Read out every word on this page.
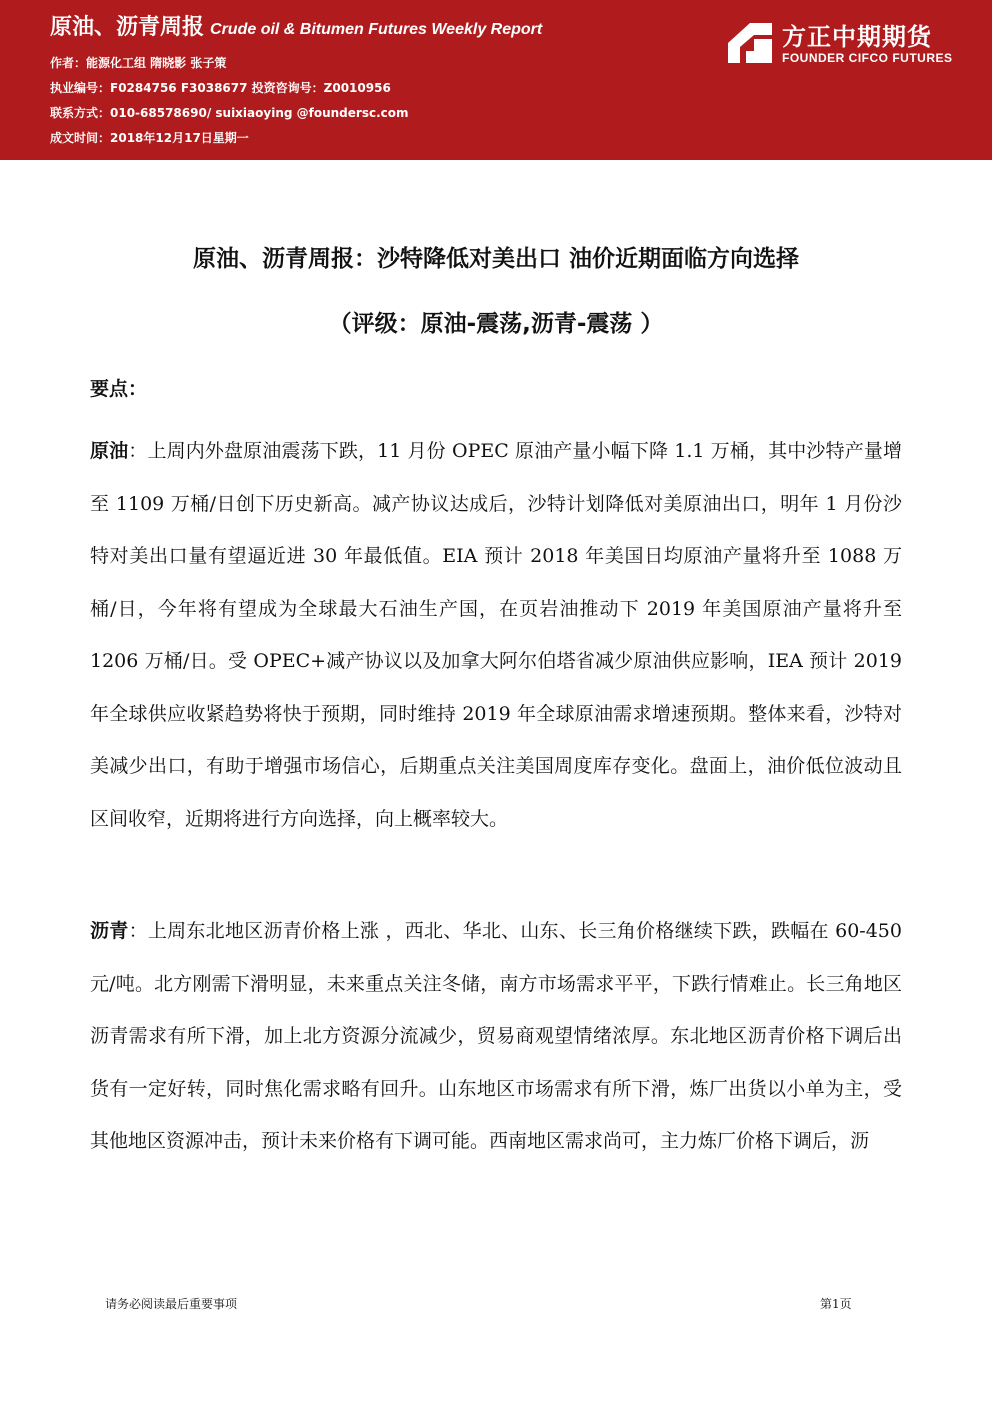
原油、沥青周报 Crude oil & Bitumen Futures Weekly Report
作者：能源化工组 隋晓影 张子策
执业编号：F0284756 F3038677 投资咨询号：Z0010956
联系方式：010-68578690/ suixiaoying @foundersc.com
成文时间：2018年12月17日星期一
方正中期期货
FOUNDER CIFCO FUTURES
原油、沥青周报：沙特降低对美出口 油价近期面临方向选择
（评级：原油-震荡,沥青-震荡 ）
要点：
原油：上周内外盘原油震荡下跌，11 月份 OPEC 原油产量小幅下降 1.1 万桶，其中沙特产量增至 1109 万桶/日创下历史新高。减产协议达成后，沙特计划降低对美原油出口，明年 1 月份沙特对美出口量有望逼近进 30 年最低值。EIA 预计 2018 年美国日均原油产量将升至 1088 万桶/日，今年将有望成为全球最大石油生产国，在页岩油推动下 2019 年美国原油产量将升至 1206 万桶/日。受 OPEC+减产协议以及加拿大阿尔伯塔省减少原油供应影响，IEA 预计 2019 年全球供应收紧趋势将快于预期，同时维持 2019 年全球原油需求增速预期。整体来看，沙特对美减少出口，有助于增强市场信心，后期重点关注美国周度库存变化。盘面上，油价低位波动且区间收窄，近期将进行方向选择，向上概率较大。
沥青：上周东北地区沥青价格上涨 ，西北、华北、山东、长三角价格继续下跌，跌幅在 60-450 元/吨。北方刚需下滑明显，未来重点关注冬储，南方市场需求平平，下跌行情难止。长三角地区沥青需求有所下滑，加上北方资源分流减少，贸易商观望情绪浓厚。东北地区沥青价格下调后出货有一定好转，同时焦化需求略有回升。山东地区市场需求有所下滑，炼厂出货以小单为主，受其他地区资源冲击，预计未来价格有下调可能。西南地区需求尚可，主力炼厂价格下调后，沥
请务必阅读最后重要事项	第1页
